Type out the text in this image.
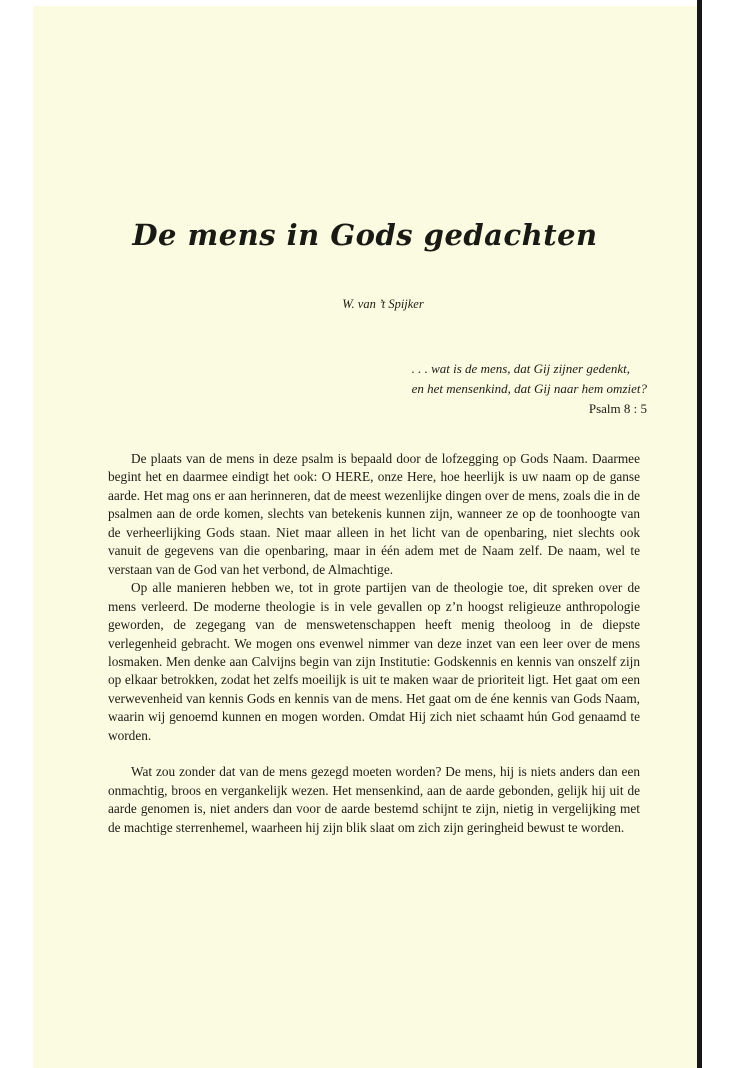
De mens in Gods gedachten
W. van ’t Spijker
. . . wat is de mens, dat Gij zijner gedenkt,
en het mensenkind, dat Gij naar hem omziet?
Psalm 8 : 5

De plaats van de mens in deze psalm is bepaald door de lofzegging op Gods Naam. Daarmee begint het en daarmee eindigt het ook: O HERE, onze Here, hoe heerlijk is uw naam op de ganse aarde. Het mag ons er aan herinneren, dat de meest wezenlijke dingen over de mens, zoals die in de psalmen aan de orde komen, slechts van betekenis kunnen zijn, wanneer ze op de toonhoogte van de verheerlijking Gods staan. Niet maar alleen in het licht van de openbaring, niet slechts ook vanuit de gegevens van die openbaring, maar in één adem met de Naam zelf. De naam, wel te verstaan van de God van het verbond, de Almachtige.

Op alle manieren hebben we, tot in grote partijen van de theologie toe, dit spreken over de mens verleerd. De moderne theologie is in vele gevallen op z’n hoogst religieuze anthropologie geworden, de zegegang van de menswetenschappen heeft menig theoloog in de diepste verlegenheid gebracht. We mogen ons evenwel nimmer van deze inzet van een leer over de mens losmaken. Men denke aan Calvijns begin van zijn Institutie: Godskennis en kennis van onszelf zijn op elkaar betrokken, zodat het zelfs moeilijk is uit te maken waar de prioriteit ligt. Het gaat om een verwevenheid van kennis Gods en kennis van de mens. Het gaat om de éne kennis van Gods Naam, waarin wij genoemd kunnen en mogen worden. Omdat Hij zich niet schaamt hún God genaamd te worden.

Wat zou zonder dat van de mens gezegd moeten worden? De mens, hij is niets anders dan een onmachtig, broos en vergankelijk wezen. Het mensenkind, aan de aarde gebonden, gelijk hij uit de aarde genomen is, niet anders dan voor de aarde bestemd schijnt te zijn, nietig in vergelijking met de machtige sterrenhemel, waarheen hij zijn blik slaat om zich zijn geringheid bewust te worden.
